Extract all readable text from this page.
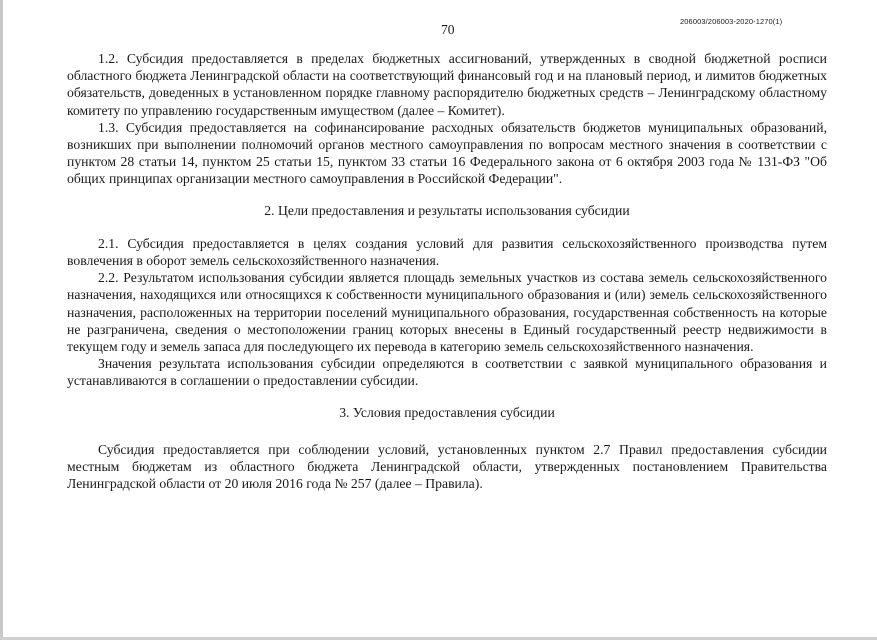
70
206003/206003-2020-1270(1)

1.2. Субсидия предоставляется в пределах бюджетных ассигнований, утвержденных в сводной бюджетной росписи областного бюджета Ленинградской области на соответствующий финансовый год и на плановый период, и лимитов бюджетных обязательств, доведенных в установленном порядке главному распорядителю бюджетных средств – Ленинградскому областному комитету по управлению государственным имуществом (далее – Комитет).

1.3. Субсидия предоставляется на софинансирование расходных обязательств бюджетов муниципальных образований, возникших при выполнении полномочий органов местного самоуправления по вопросам местного значения в соответствии с пунктом 28 статьи 14, пунктом 25 статьи 15, пунктом 33 статьи 16 Федерального закона от 6 октября 2003 года № 131-ФЗ "Об общих принципах организации местного самоуправления в Российской Федерации".

2. Цели предоставления и результаты использования субсидии

2.1. Субсидия предоставляется в целях создания условий для развития сельскохозяйственного производства путем вовлечения в оборот земель сельскохозяйственного назначения.

2.2. Результатом использования субсидии является площадь земельных участков из состава земель сельскохозяйственного назначения, находящихся или относящихся к собственности муниципального образования и (или) земель сельскохозяйственного назначения, расположенных на территории поселений муниципального образования, государственная собственность на которые не разграничена, сведения о местоположении границ которых внесены в Единый государственный реестр недвижимости в текущем году и земель запаса для последующего их перевода в категорию земель сельскохозяйственного назначения.

Значения результата использования субсидии определяются в соответствии с заявкой муниципального образования и устанавливаются в соглашении о предоставлении субсидии.

3. Условия предоставления субсидии

Субсидия предоставляется при соблюдении условий, установленных пунктом 2.7 Правил предоставления субсидии местным бюджетам из областного бюджета Ленинградской области, утвержденных постановлением Правительства Ленинградской области от 20 июля 2016 года № 257 (далее – Правила).
